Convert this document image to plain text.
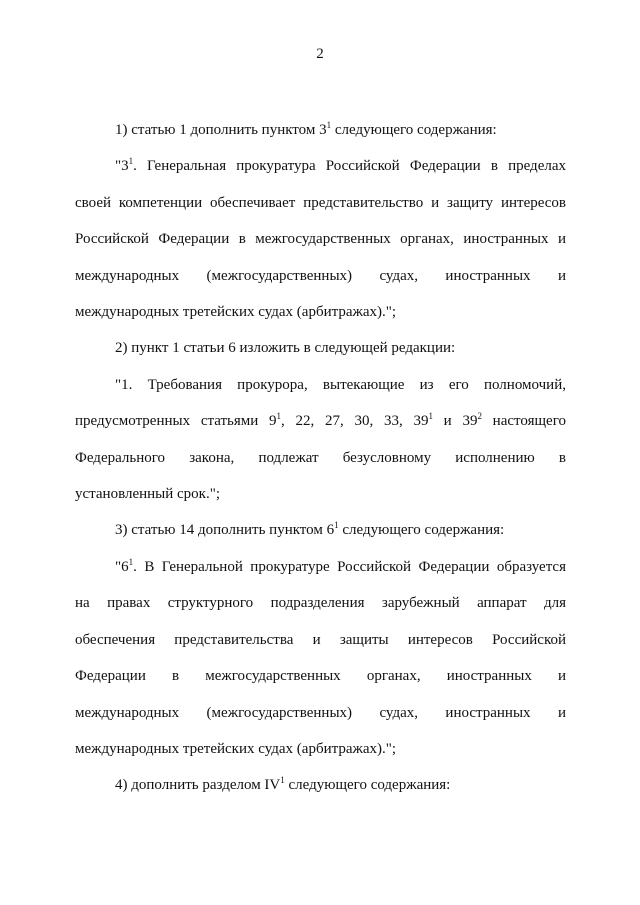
2

1) статью 1 дополнить пунктом $3^1$ следующего содержания:

"$3^1$. Генеральная прокуратура Российской Федерации в пределах

своей компетенции обеспечивает представительство и защиту интересов

Российской Федерации в межгосударственных органах, иностранных и

международных (межгосударственных) судах, иностранных и

международных третейских судах (арбитражах).";

2) пункт 1 статьи 6 изложить в следующей редакции:

"1. Требования прокурора, вытекающие из его полномочий,

предусмотренных статьями $9^1$, 22, 27, 30, 33, $39^1$ и $39^2$ настоящего

Федерального закона, подлежат безусловному исполнению в

установленный срок.";

3) статью 14 дополнить пунктом $6^1$ следующего содержания:

"$6^1$. В Генеральной прокуратуре Российской Федерации образуется

на правах структурного подразделения зарубежный аппарат для

обеспечения представительства и защиты интересов Российской

Федерации в межгосударственных органах, иностранных и

международных (межгосударственных) судах, иностранных и

международных третейских судах (арбитражах).";

4) дополнить разделом $IV^1$ следующего содержания:
